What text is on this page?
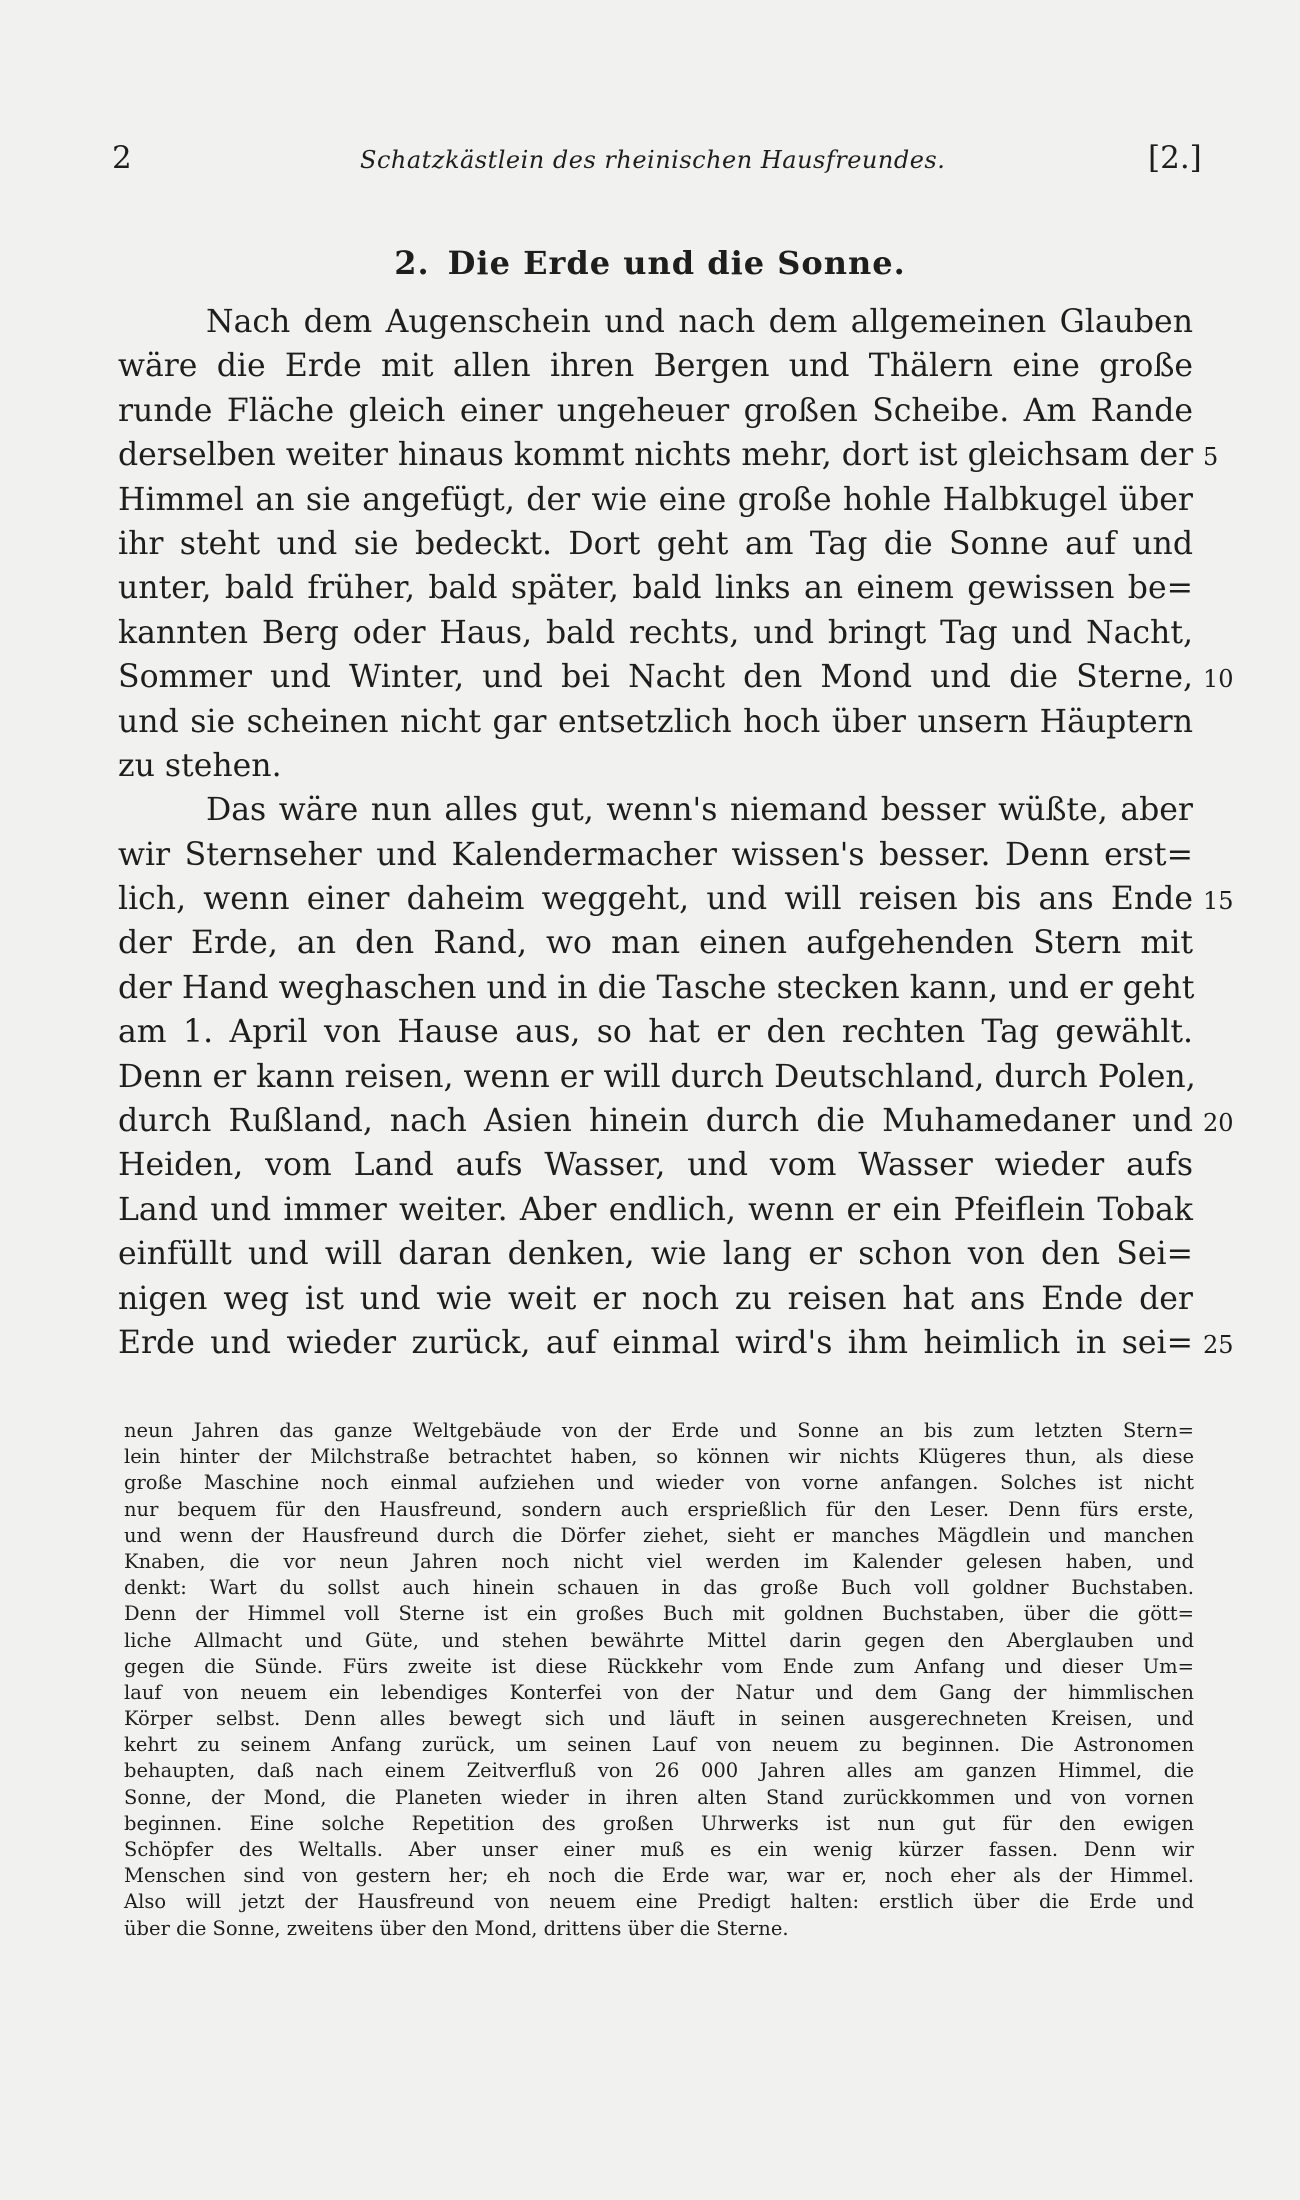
2	Schatzkästlein des rheinischen Hausfreundes.	[2.]
2. Die Erde und die Sonne.
Nach dem Augenschein und nach dem allgemeinen Glauben
wäre die Erde mit allen ihren Bergen und Thälern eine große
runde Fläche gleich einer ungeheuer großen Scheibe. Am Rande
derselben weiter hinaus kommt nichts mehr, dort ist gleichsam der 5
Himmel an sie angefügt, der wie eine große hohle Halbkugel über
ihr steht und sie bedeckt. Dort geht am Tag die Sonne auf und
unter, bald früher, bald später, bald links an einem gewissen be=
kannten Berg oder Haus, bald rechts, und bringt Tag und Nacht,
Sommer und Winter, und bei Nacht den Mond und die Sterne, 10
und sie scheinen nicht gar entsetzlich hoch über unsern Häuptern
zu stehen.
Das wäre nun alles gut, wenn's niemand besser wüßte, aber
wir Sternseher und Kalendermacher wissen's besser. Denn erst=
lich, wenn einer daheim weggeht, und will reisen bis ans Ende 15
der Erde, an den Rand, wo man einen aufgehenden Stern mit
der Hand weghaschen und in die Tasche stecken kann, und er geht
am 1. April von Hause aus, so hat er den rechten Tag gewählt.
Denn er kann reisen, wenn er will durch Deutschland, durch Polen,
durch Rußland, nach Asien hinein durch die Muhamedaner und 20
Heiden, vom Land aufs Wasser, und vom Wasser wieder aufs
Land und immer weiter. Aber endlich, wenn er ein Pfeiflein Tobak
einfüllt und will daran denken, wie lang er schon von den Sei=
nigen weg ist und wie weit er noch zu reisen hat ans Ende der
Erde und wieder zurück, auf einmal wird's ihm heimlich in sei= 25
neun Jahren das ganze Weltgebäude von der Erde und Sonne an bis zum letzten Stern=
lein hinter der Milchstraße betrachtet haben, so können wir nichts Klügeres thun, als diese
große Maschine noch einmal aufziehen und wieder von vorne anfangen. Solches ist nicht
nur bequem für den Hausfreund, sondern auch ersprießlich für den Leser. Denn fürs erste,
und wenn der Hausfreund durch die Dörfer ziehet, sieht er manches Mägdlein und manchen
Knaben, die vor neun Jahren noch nicht viel werden im Kalender gelesen haben, und
denkt: Wart du sollst auch hinein schauen in das große Buch voll goldner Buchstaben.
Denn der Himmel voll Sterne ist ein großes Buch mit goldnen Buchstaben, über die gött=
liche Allmacht und Güte, und stehen bewährte Mittel darin gegen den Aberglauben und
gegen die Sünde. Fürs zweite ist diese Rückkehr vom Ende zum Anfang und dieser Um=
lauf von neuem ein lebendiges Konterfei von der Natur und dem Gang der himmlischen
Körper selbst. Denn alles bewegt sich und läuft in seinen ausgerechneten Kreisen, und
kehrt zu seinem Anfang zurück, um seinen Lauf von neuem zu beginnen. Die Astronomen
behaupten, daß nach einem Zeitverfluß von 26 000 Jahren alles am ganzen Himmel, die
Sonne, der Mond, die Planeten wieder in ihren alten Stand zurückkommen und von vornen
beginnen. Eine solche Repetition des großen Uhrwerks ist nun gut für den ewigen
Schöpfer des Weltalls. Aber unser einer muß es ein wenig kürzer fassen. Denn wir
Menschen sind von gestern her; eh noch die Erde war, war er, noch eher als der Himmel.
Also will jetzt der Hausfreund von neuem eine Predigt halten: erstlich über die Erde und
über die Sonne, zweitens über den Mond, drittens über die Sterne.
